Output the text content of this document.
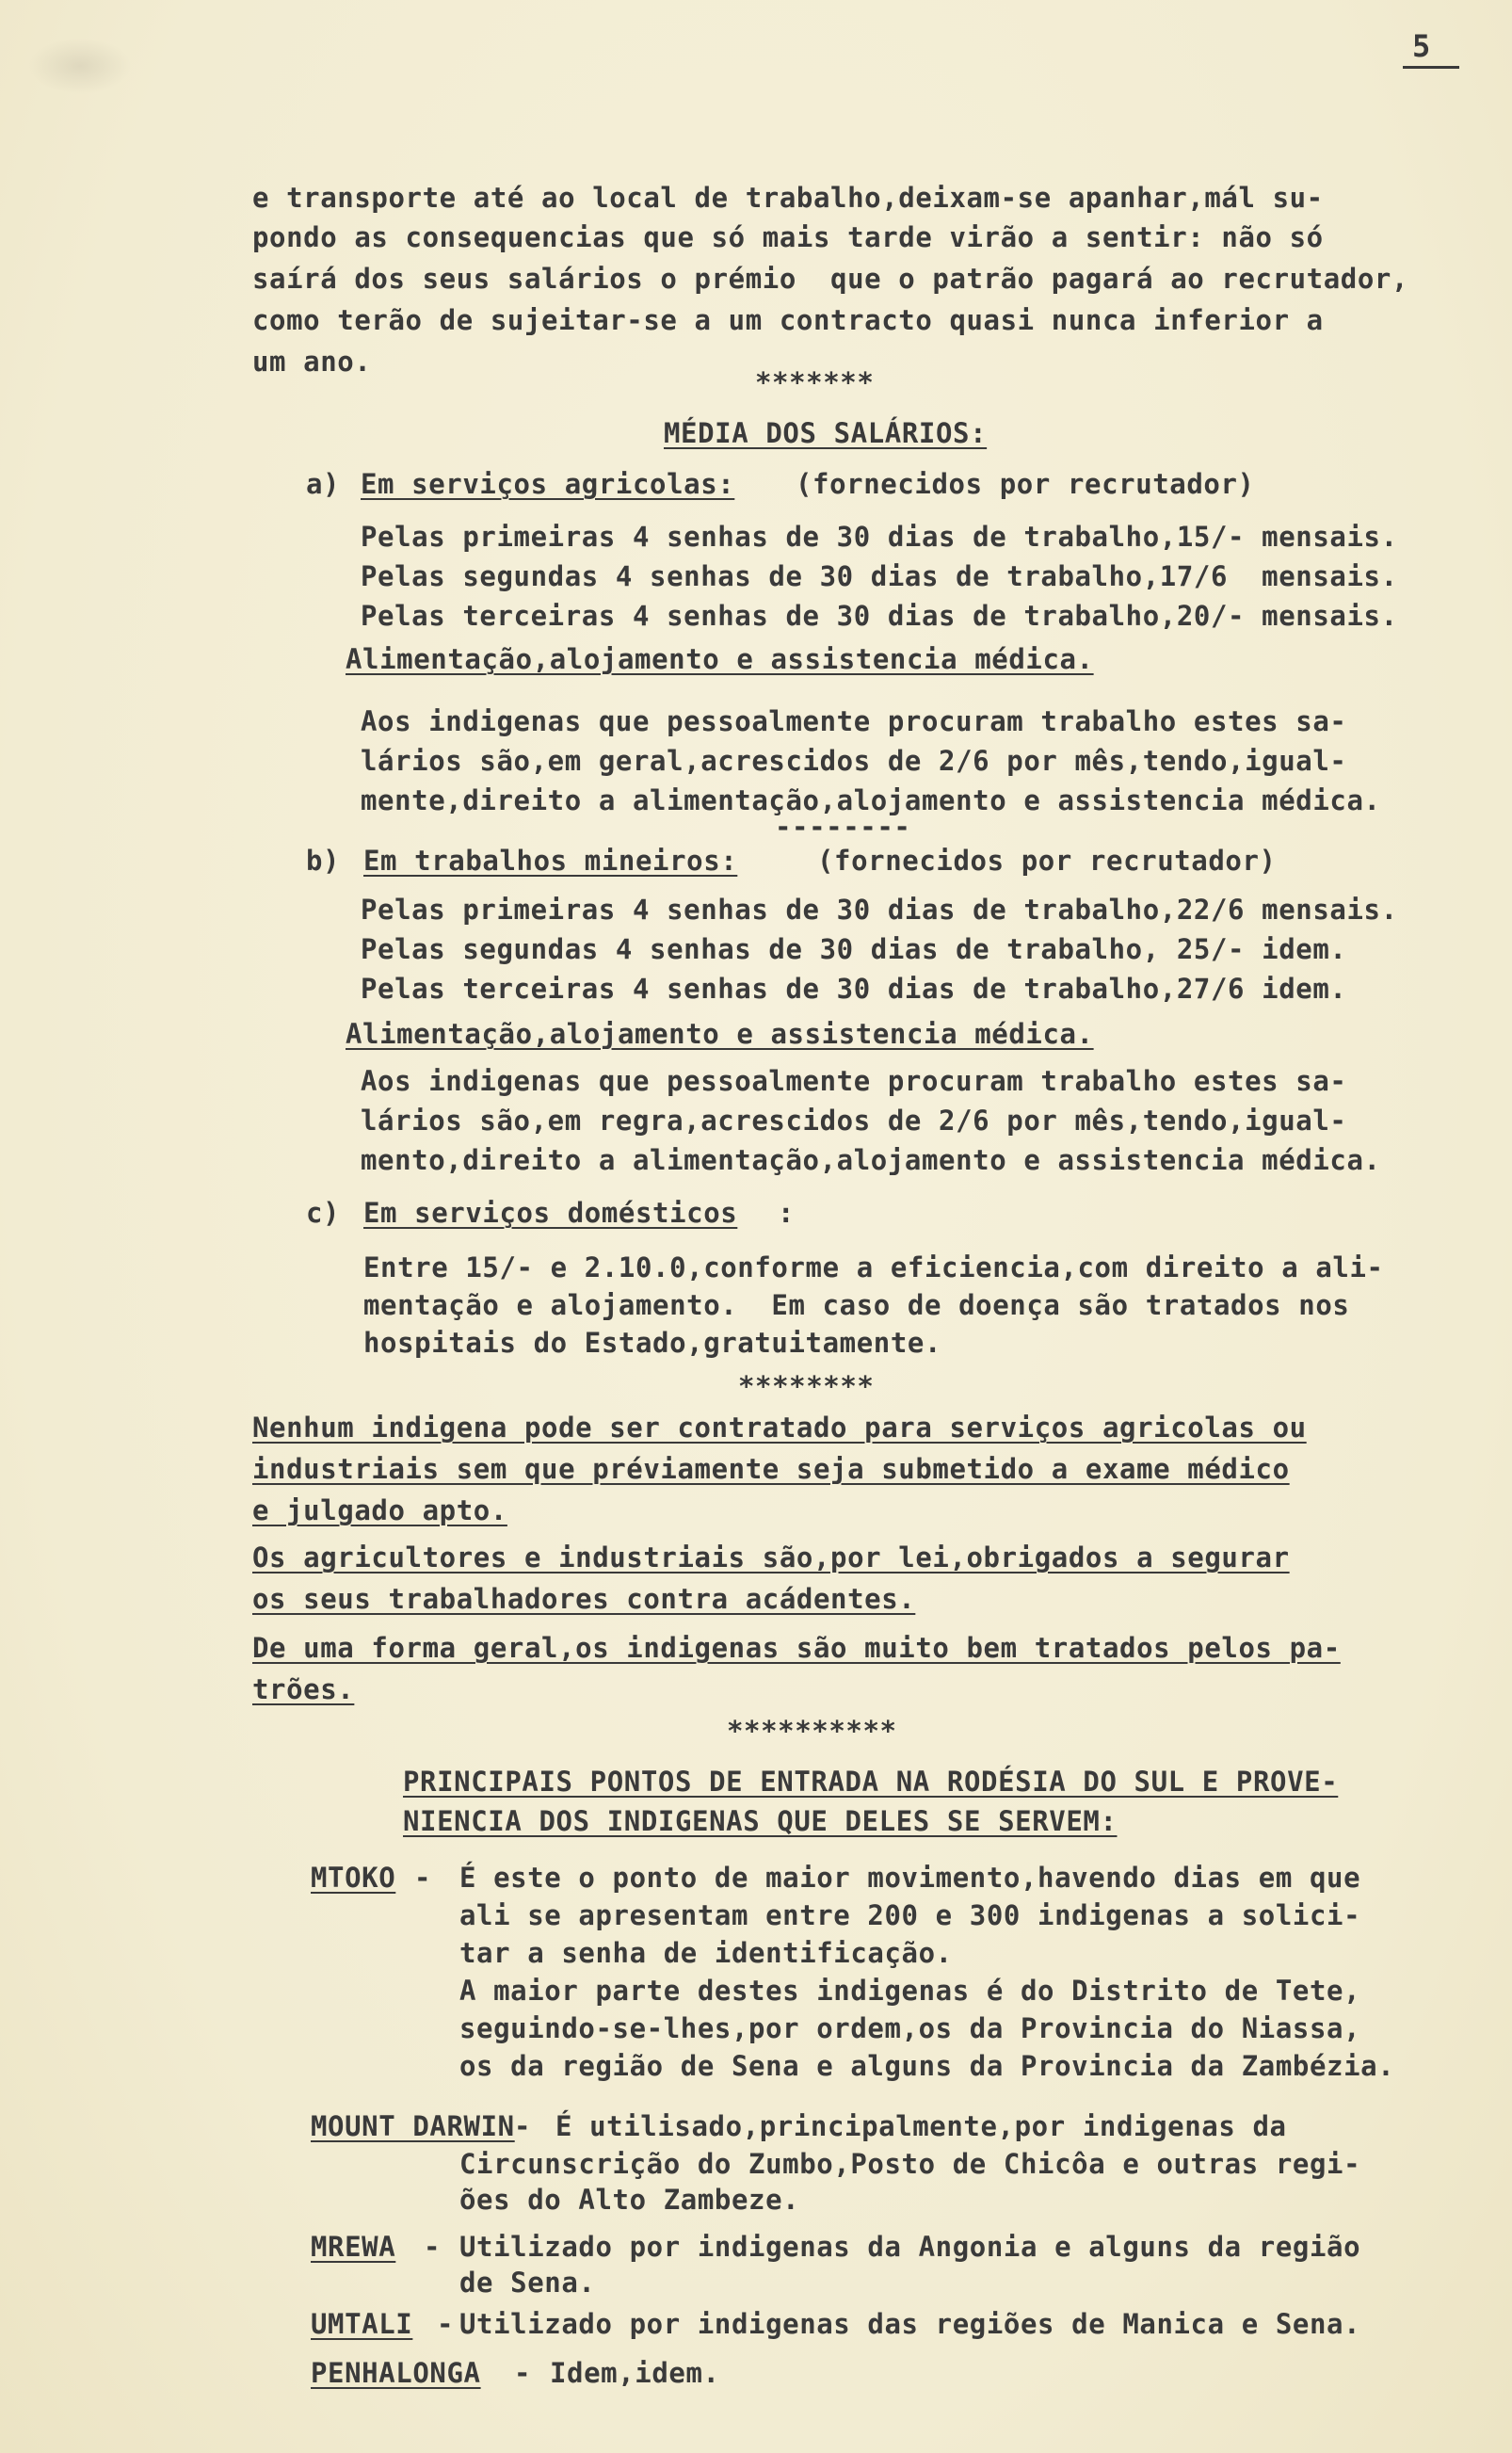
5
e transporte até ao local de trabalho,deixam-se apanhar,mál su-
pondo as consequencias que só mais tarde virão a sentir: não só
saírá dos seus salários o prémio  que o patrão pagará ao recrutador,
como terão de sujeitar-se a um contracto quasi nunca inferior a
um ano.
*******
MÉDIA DOS SALÁRIOS:
a) Em serviços agricolas: (fornecidos por recrutador)
Pelas primeiras 4 senhas de 30 dias de trabalho,15/- mensais.
Pelas segundas 4 senhas de 30 dias de trabalho,17/6  mensais.
Pelas terceiras 4 senhas de 30 dias de trabalho,20/- mensais.
Alimentação,alojamento e assistencia médica.
Aos indigenas que pessoalmente procuram trabalho estes sa-
lários são,em geral,acrescidos de 2/6 por mês,tendo,igual-
mente,direito a alimentação,alojamento e assistencia médica.
--------
b) Em trabalhos mineiros:	(fornecidos por recrutador)
Pelas primeiras 4 senhas de 30 dias de trabalho,22/6 mensais.
Pelas segundas 4 senhas de 30 dias de trabalho, 25/- idem.
Pelas terceiras 4 senhas de 30 dias de trabalho,27/6 idem.
Alimentação,alojamento e assistencia médica.
Aos indigenas que pessoalmente procuram trabalho estes sa-
lários são,em regra,acrescidos de 2/6 por mês,tendo,igual-
mento,direito a alimentação,alojamento e assistencia médica.
c) Em serviços domésticos :
Entre 15/- e 2.10.0,conforme a eficiencia,com direito a ali-
mentação e alojamento.  Em caso de doença são tratados nos
hospitais do Estado,gratuitamente.
********
Nenhum indigena pode ser contratado para serviços agricolas ou
industriais sem que préviamente seja submetido a exame médico
e julgado apto.
Os agricultores e industriais são,por lei,obrigados a segurar
os seus trabalhadores contra acádentes.
De uma forma geral,os indigenas são muito bem tratados pelos pa-
trões.
**********
PRINCIPAIS PONTOS DE ENTRADA NA RODÉSIA DO SUL E PROVE-
NIENCIA DOS INDIGENAS QUE DELES SE SERVEM:
MTOKO - É este o ponto de maior movimento,havendo dias em que
ali se apresentam entre 200 e 300 indigenas a solici-
tar a senha de identificação.
A maior parte destes indigenas é do Distrito de Tete,
seguindo-se-lhes,por ordem,os da Provincia do Niassa,
os da região de Sena e alguns da Provincia da Zambézia.
MOUNT DARWIN - É utilisado,principalmente,por indigenas da
Circunscrição do Zumbo,Posto de Chicôa e outras regi-
ões do Alto Zambeze.
MREWA - Utilizado por indigenas da Angonia e alguns da região
de Sena.
UMTALI - Utilizado por indigenas das regiões de Manica e Sena.
PENHALONGA - Idem,idem.
